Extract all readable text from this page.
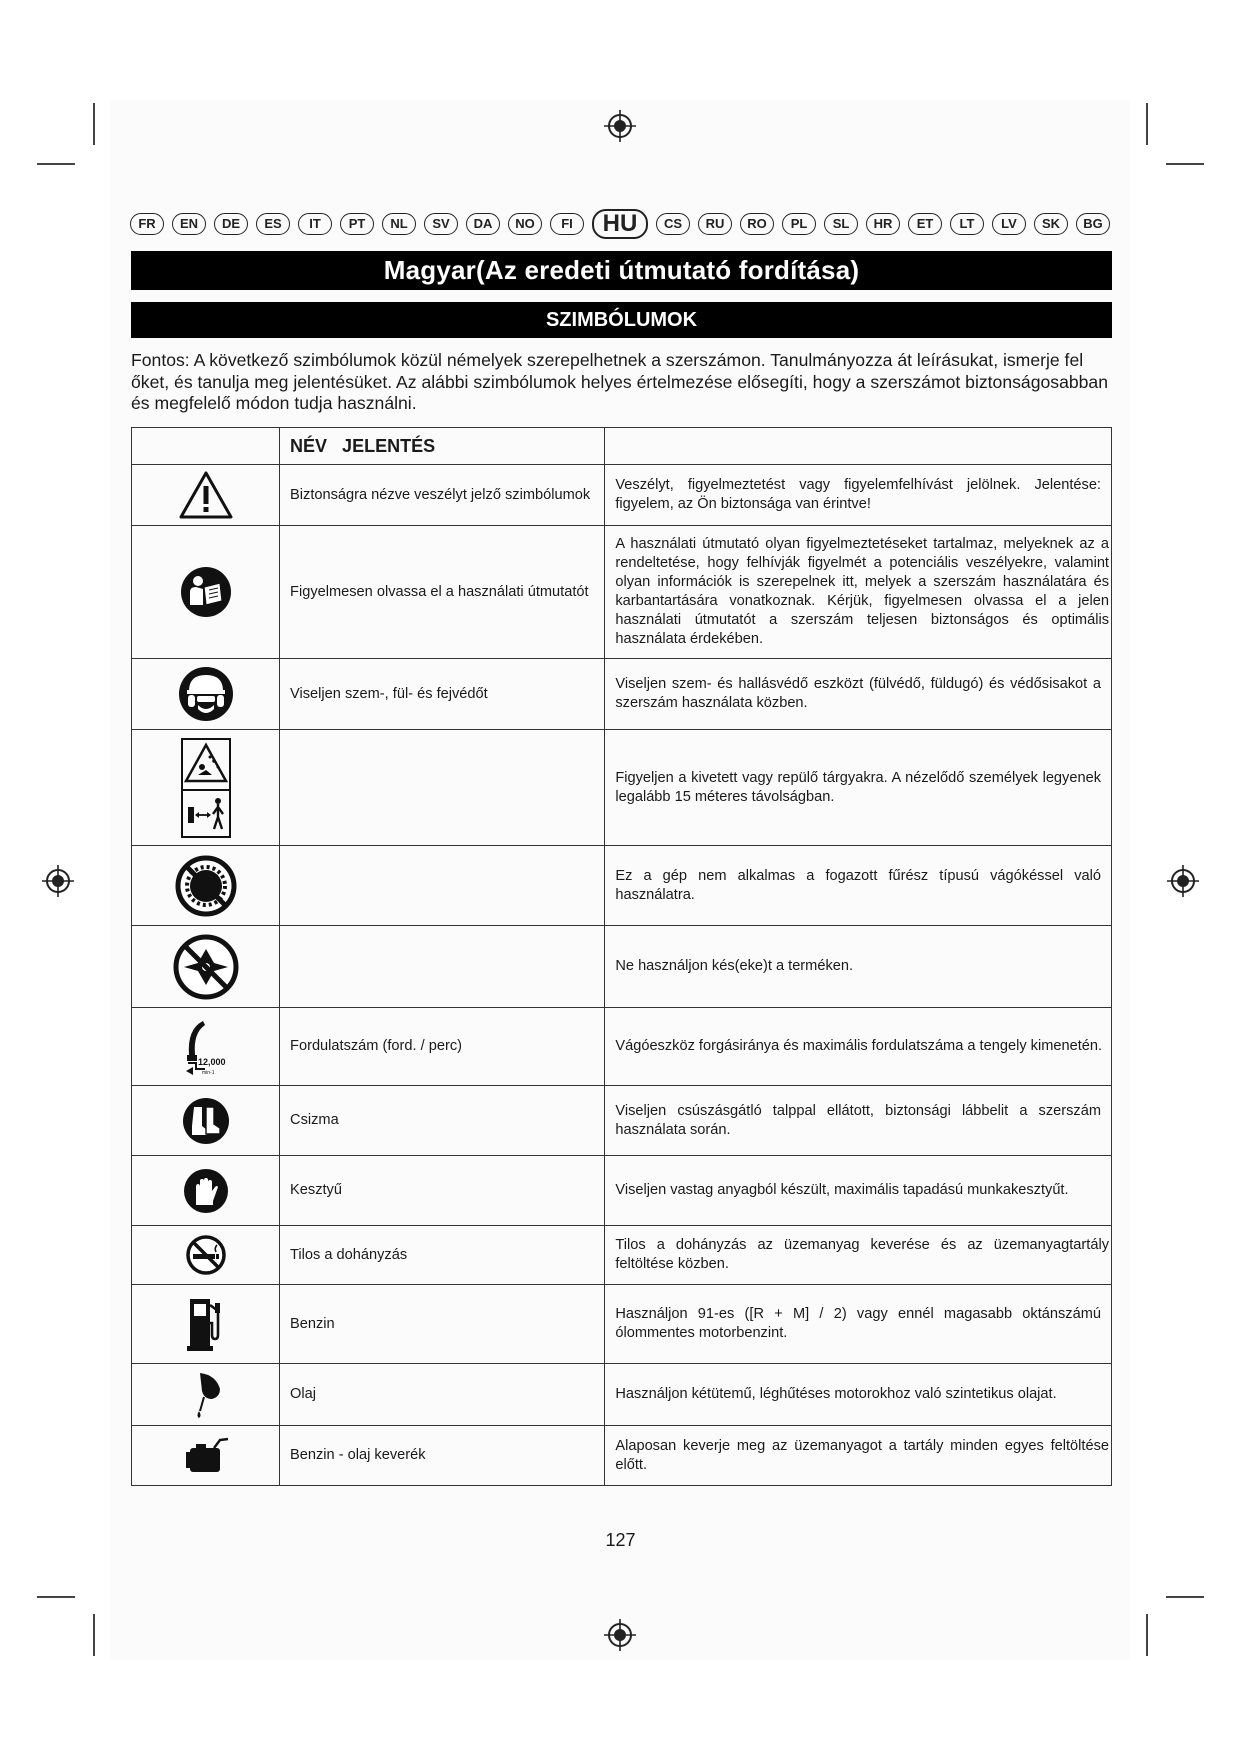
FR	EN	DE	ES	IT	PT	NL	SV	DA	NO	FI	HU	CS	RU	RO	PL	SL	HR	ET	LT	LV	SK	BG
Magyar(Az eredeti útmutató fordítása)
SZIMBÓLUMOK
Fontos: A következő szimbólumok közül némelyek szerepelhetnek a szerszámon. Tanulmányozza át leírásukat, ismerje fel őket, és tanulja meg jelentésüket. Az alábbi szimbólumok helyes értelmezése elősegíti, hogy a szerszámot biztonságosabban és megfelelő módon tudja használni.
	NÉV   JELENTÉS	

	Biztonságra nézve veszélyt jelző szimbólumok	Veszélyt, figyelmeztetést vagy figyelemfelhívást jelölnek. Jelentése: figyelem, az Ön biztonsága van érintve!

	Figyelmesen olvassa el a használati útmutatót	A használati útmutató olyan figyelmeztetéseket tartalmaz, melyeknek az a rendeltetése, hogy felhívják figyelmét a potenciális veszélyekre, valamint olyan információk is szerepelnek itt, melyek a szerszám használatára és karbantartására vonatkoznak. Kérjük, figyelmesen olvassa el a jelen használati útmutatót a szerszám teljesen biztonságos és optimális használata érdekében.

	Viseljen szem-, fül- és fejvédőt	Viseljen szem- és hallásvédő eszközt (fülvédő, füldugó) és védősisakot a szerszám használata közben.

		Figyeljen a kivetett vagy repülő tárgyakra. A nézelődő személyek legyenek legalább 15 méteres távolságban.

		Ez a gép nem alkalmas a fogazott fűrész típusú vágókéssel való használatra.

		Ne használjon kés(eke)t a terméken.

12,000
min-1	Fordulatszám (ford. / perc)	Vágóeszköz forgásiránya és maximális fordulatszáma a tengely kimenetén.

	Csizma	Viseljen csúszásgátló talppal ellátott, biztonsági lábbelit a szerszám használata során.

	Kesztyű	Viseljen vastag anyagból készült, maximális tapadású munkakesztyűt.

	Tilos a dohányzás	Tilos a dohányzás az üzemanyag keverése és az üzemanyagtartály feltöltése közben.

	Benzin	Használjon 91-es ([R + M] / 2) vagy ennél magasabb oktánszámú ólommentes motorbenzint.

	Olaj	Használjon kétütemű, léghűtéses motorokhoz való szintetikus olajat.

	Benzin - olaj keverék	Alaposan keverje meg az üzemanyagot a tartály minden egyes feltöltése előtt.
127
